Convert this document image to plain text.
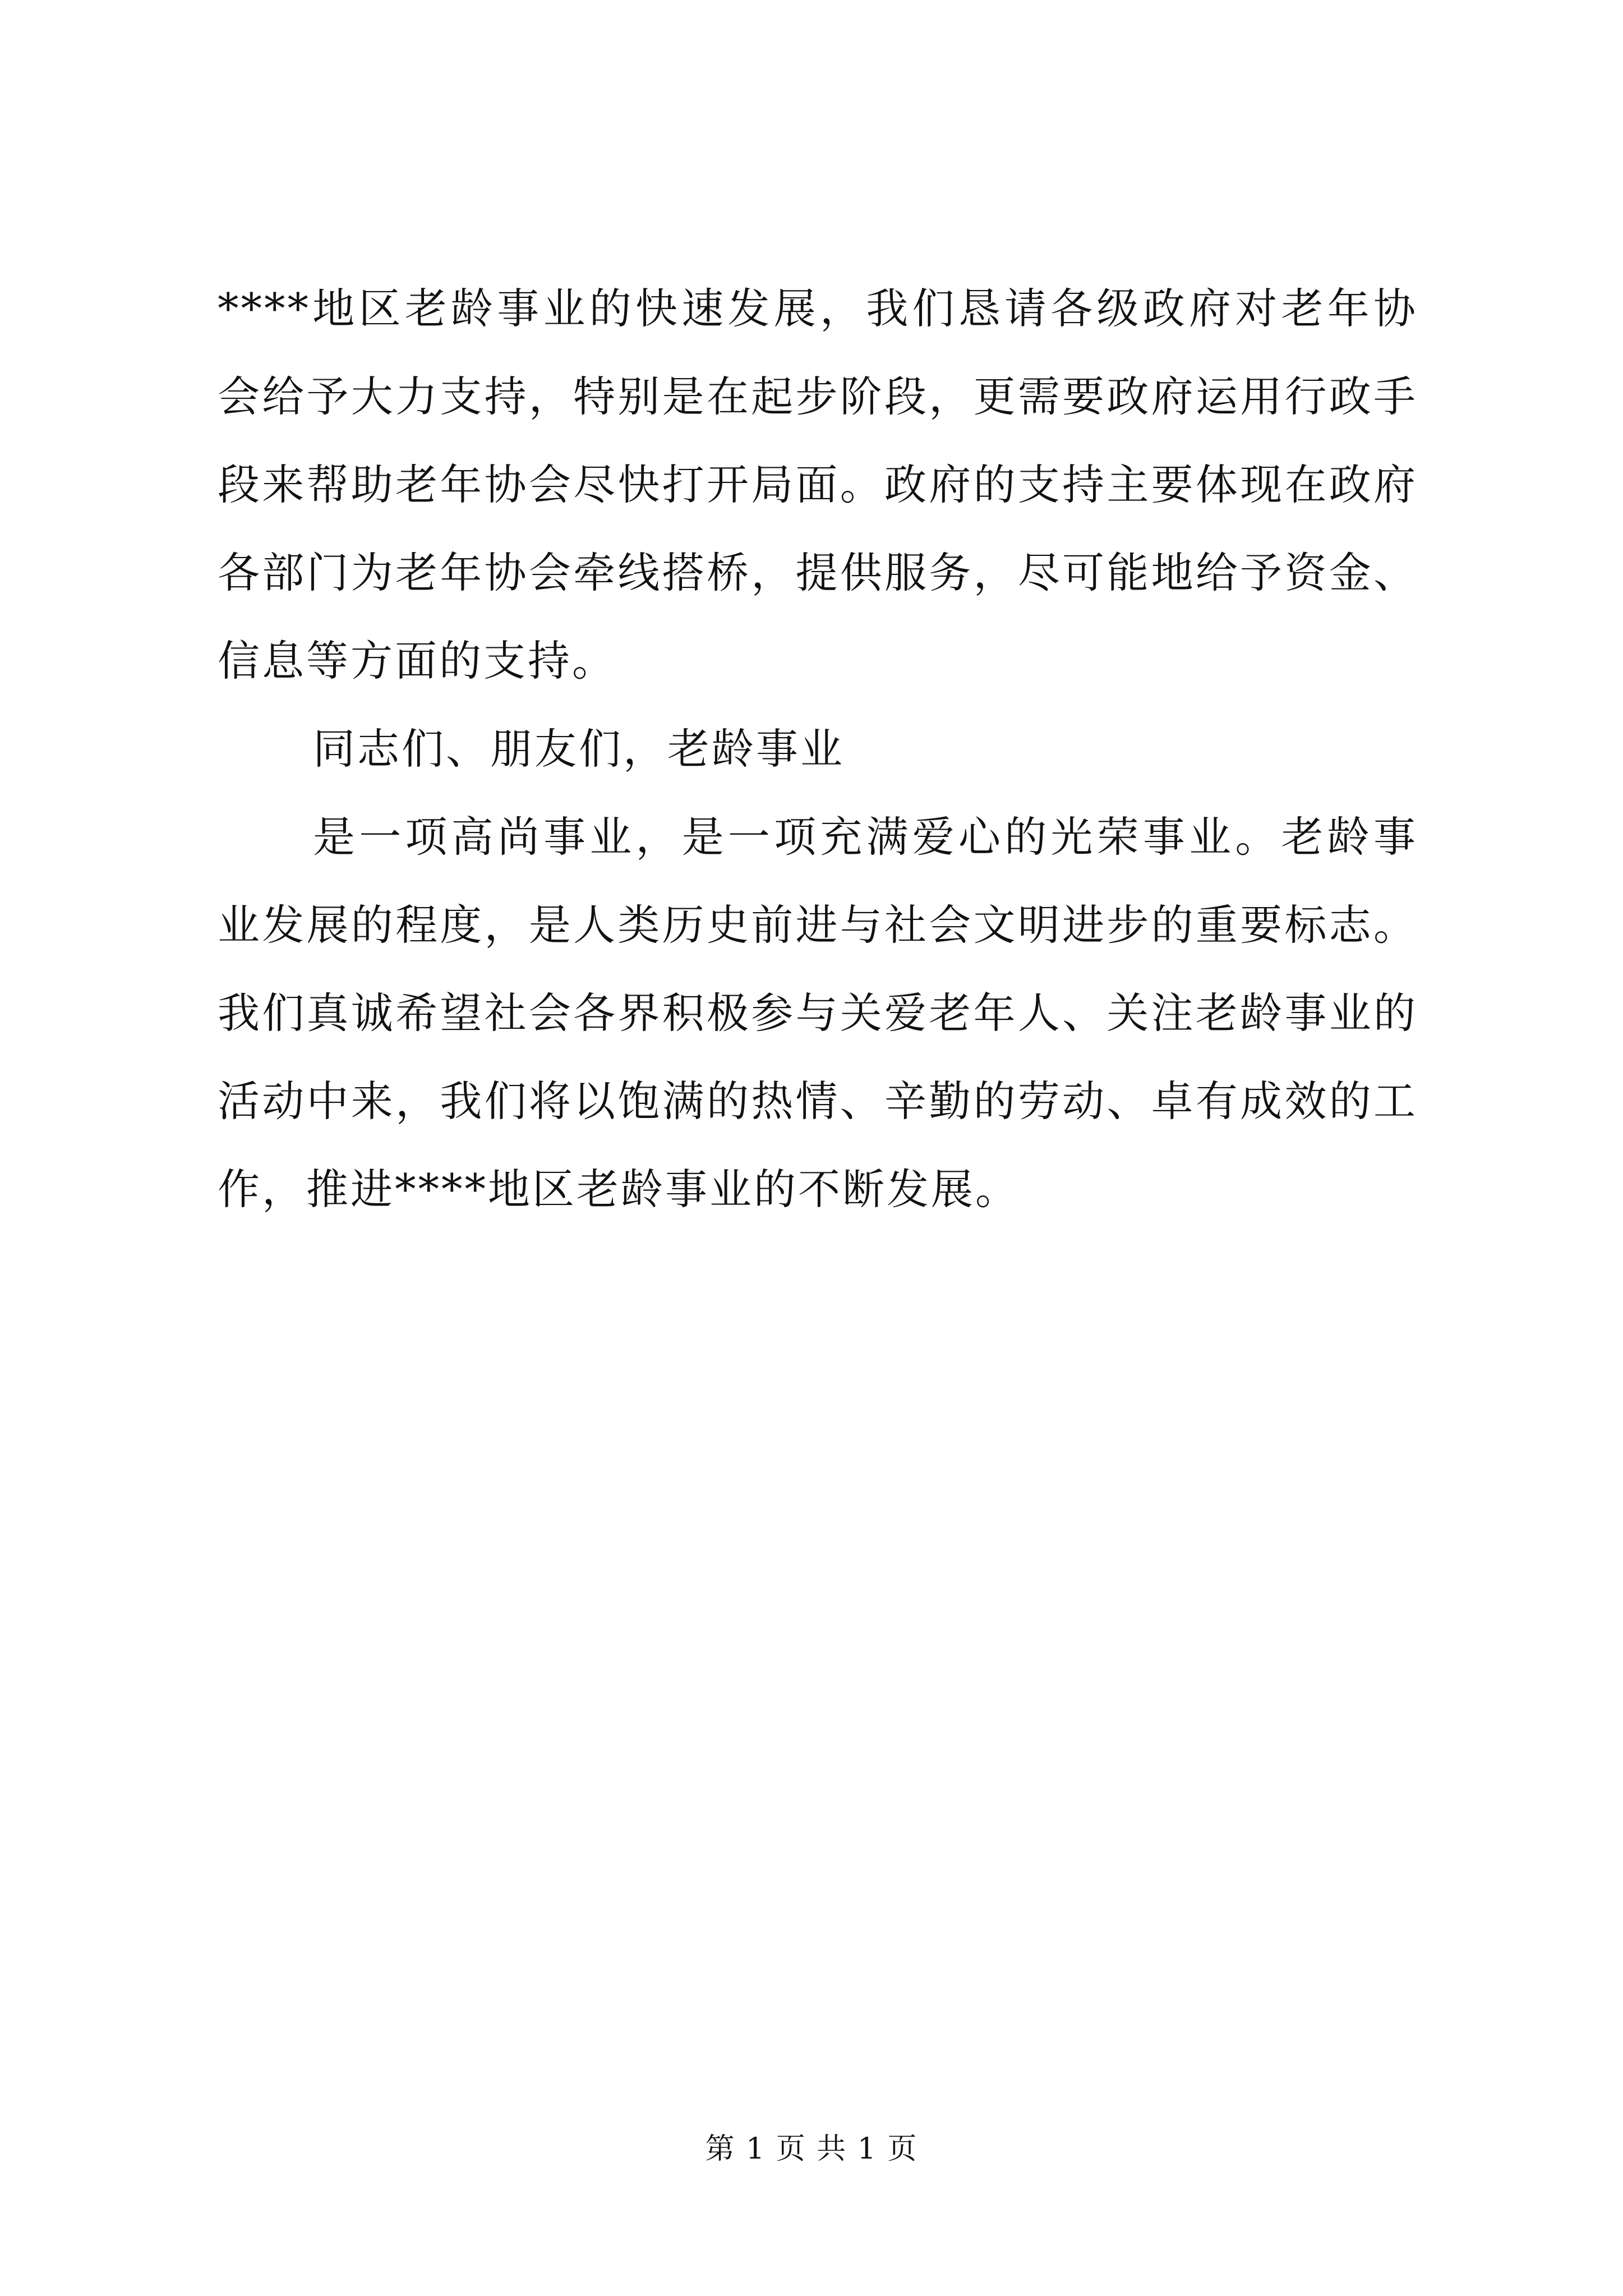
****地区老龄事业的快速发展，我们恳请各级政府对老年协会给予大力支持，特别是在起步阶段，更需要政府运用行政手段来帮助老年协会尽快打开局面。政府的支持主要体现在政府各部门为老年协会牵线搭桥，提供服务，尽可能地给予资金、信息等方面的支持。

同志们、朋友们，老龄事业

是一项高尚事业，是一项充满爱心的光荣事业。老龄事业发展的程度，是人类历史前进与社会文明进步的重要标志。我们真诚希望社会各界积极参与关爱老年人、关注老龄事业的活动中来，我们将以饱满的热情、辛勤的劳动、卓有成效的工作，推进****地区老龄事业的不断发展。

第 1 页 共 1 页
